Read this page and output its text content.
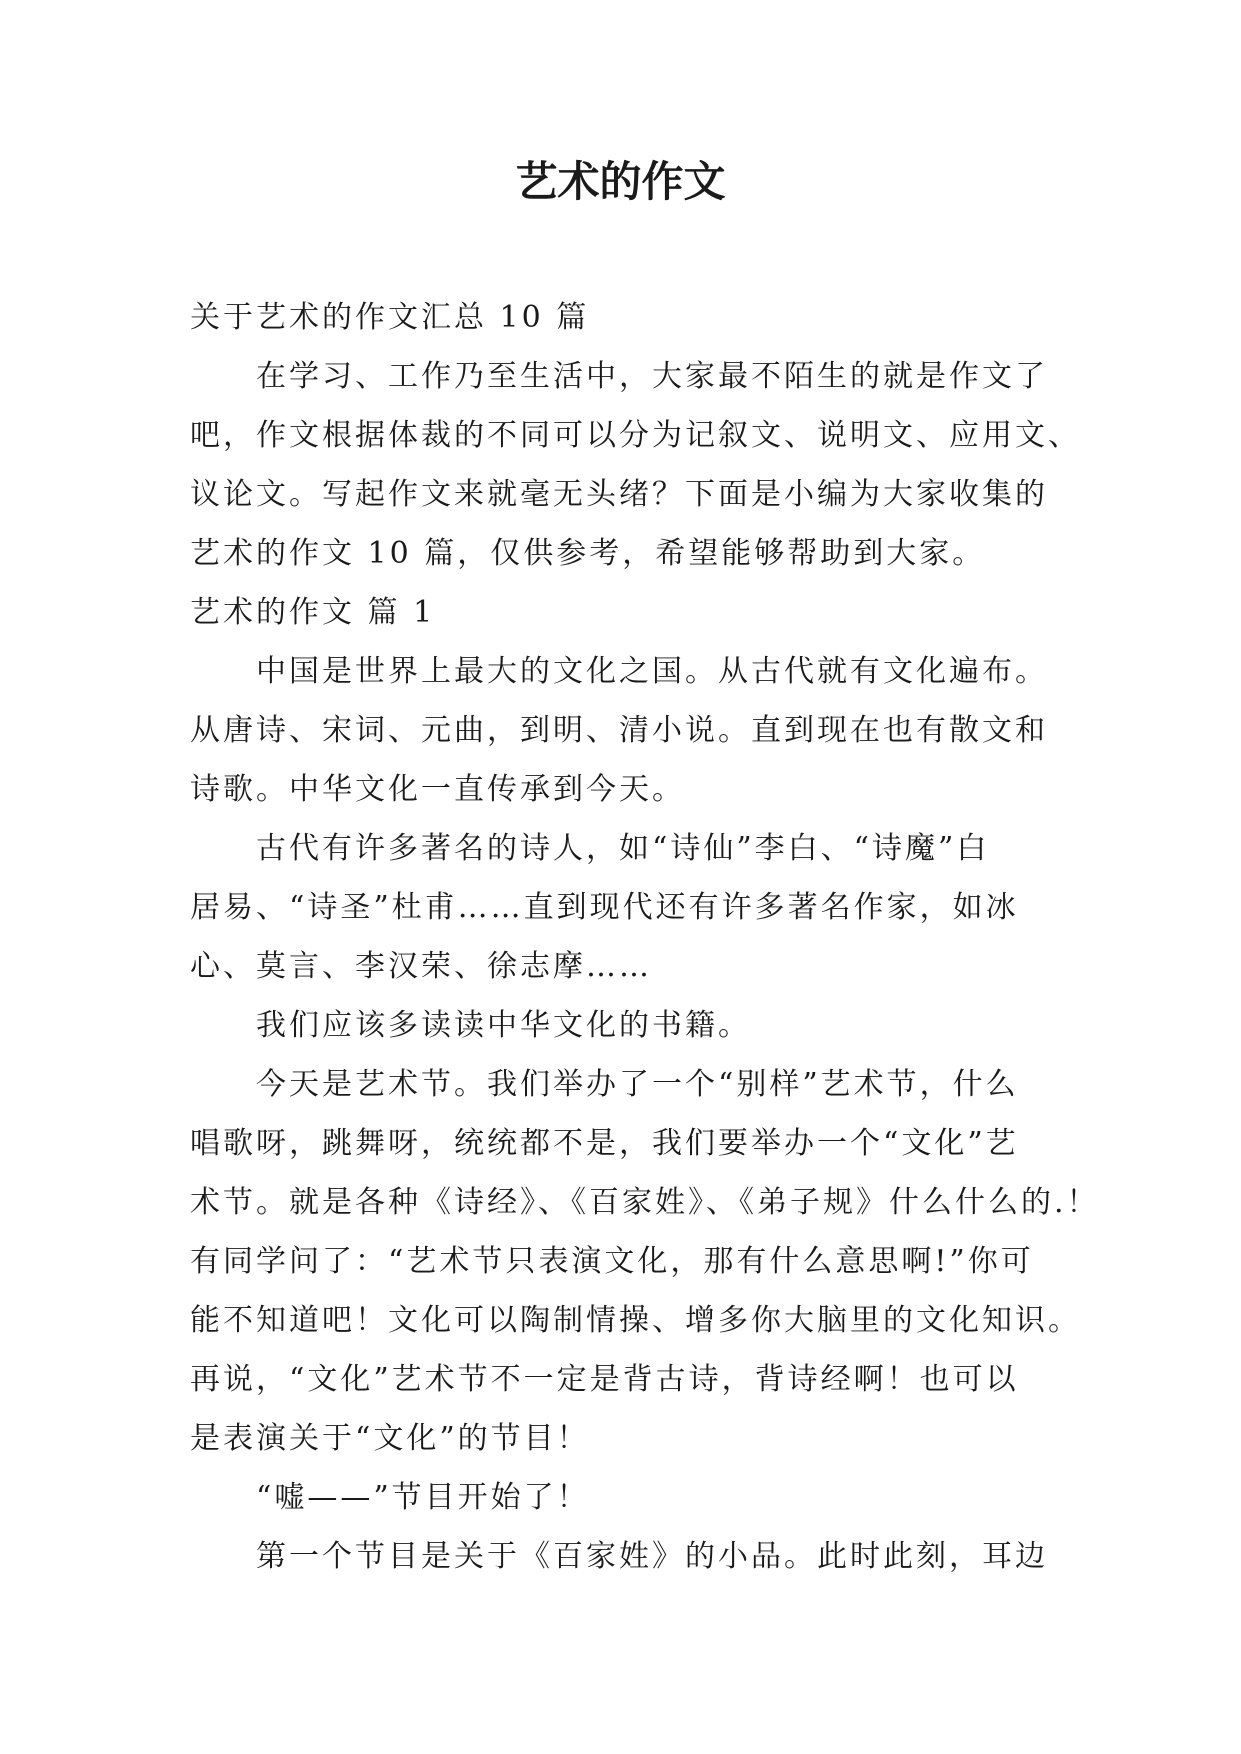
艺术的作文

关于艺术的作文汇总 10 篇

在学习、工作乃至生活中，大家最不陌生的就是作文了

吧，作文根据体裁的不同可以分为记叙文、说明文、应用文、

议论文。写起作文来就毫无头绪？下面是小编为大家收集的

艺术的作文 10 篇，仅供参考，希望能够帮助到大家。

艺术的作文 篇 1

中国是世界上最大的文化之国。从古代就有文化遍布。

从唐诗、宋词、元曲，到明、清小说。直到现在也有散文和

诗歌。中华文化一直传承到今天。

古代有许多著名的诗人，如“诗仙”李白、“诗魔”白

居易、“诗圣”杜甫……直到现代还有许多著名作家，如冰

心、莫言、李汉荣、徐志摩……

我们应该多读读中华文化的书籍。

今天是艺术节。我们举办了一个“别样”艺术节，什么

唱歌呀，跳舞呀，统统都不是，我们要举办一个“文化”艺

术节。就是各种《诗经》、《百家姓》、《弟子规》什么什么的.！

有同学问了：“艺术节只表演文化，那有什么意思啊!”你可

能不知道吧！文化可以陶制情操、增多你大脑里的文化知识。

再说，“文化”艺术节不一定是背古诗，背诗经啊！也可以

是表演关于“文化”的节目！

“嘘——”节目开始了！

第一个节目是关于《百家姓》的小品。此时此刻，耳边
